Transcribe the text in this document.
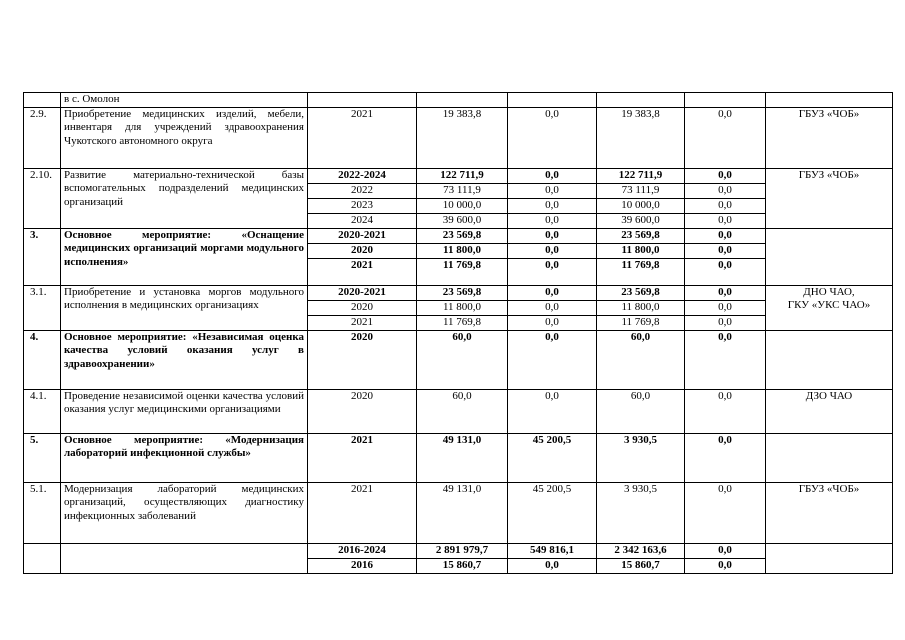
	в с. Омолон						
2.9.	Приобретение медицинских изделий, мебели, инвентаря для учреждений здравоохранения Чукотского автономного округа	2021	19 383,8	0,0	19 383,8	0,0	ГБУЗ «ЧОБ»
2.10.	Развитие материально-технической базы вспомогательных подразделений медицинских организаций	2022-2024	122 711,9	0,0	122 711,9	0,0	ГБУЗ «ЧОБ»
		2022	73 111,9	0,0	73 111,9	0,0	
		2023	10 000,0	0,0	10 000,0	0,0	
		2024	39 600,0	0,0	39 600,0	0,0	
3.	Основное мероприятие: «Оснащение медицинских организаций моргами модульного исполнения»	2020-2021	23 569,8	0,0	23 569,8	0,0	
		2020	11 800,0	0,0	11 800,0	0,0	
		2021	11 769,8	0,0	11 769,8	0,0	
3.1.	Приобретение и установка моргов модульного исполнения в медицинских организациях	2020-2021	23 569,8	0,0	23 569,8	0,0	ДНО ЧАО,
ГКУ «УКС ЧАО»

		2020	11 800,0	0,0	11 800,0	0,0	
		2021	11 769,8	0,0	11 769,8	0,0	
4.	Основное мероприятие: «Независимая оценка качества условий оказания услуг в здравоохранении»	2020	60,0	0,0	60,0	0,0	
4.1.	Проведение независимой оценки качества условий оказания услуг медицинскими организациями	2020	60,0	0,0	60,0	0,0	ДЗО ЧАО
5.	Основное мероприятие: «Модернизация лабораторий инфекционной службы»	2021	49 131,0	45 200,5	3 930,5	0,0	
5.1.	Модернизация лабораторий медицинских организаций, осуществляющих диагностику инфекционных заболеваний	2021	49 131,0	45 200,5	3 930,5	0,0	ГБУЗ «ЧОБ»
		2016-2024	2 891 979,7	549 816,1	2 342 163,6	0,0	
		2016	15 860,7	0,0	15 860,7	0,0	
